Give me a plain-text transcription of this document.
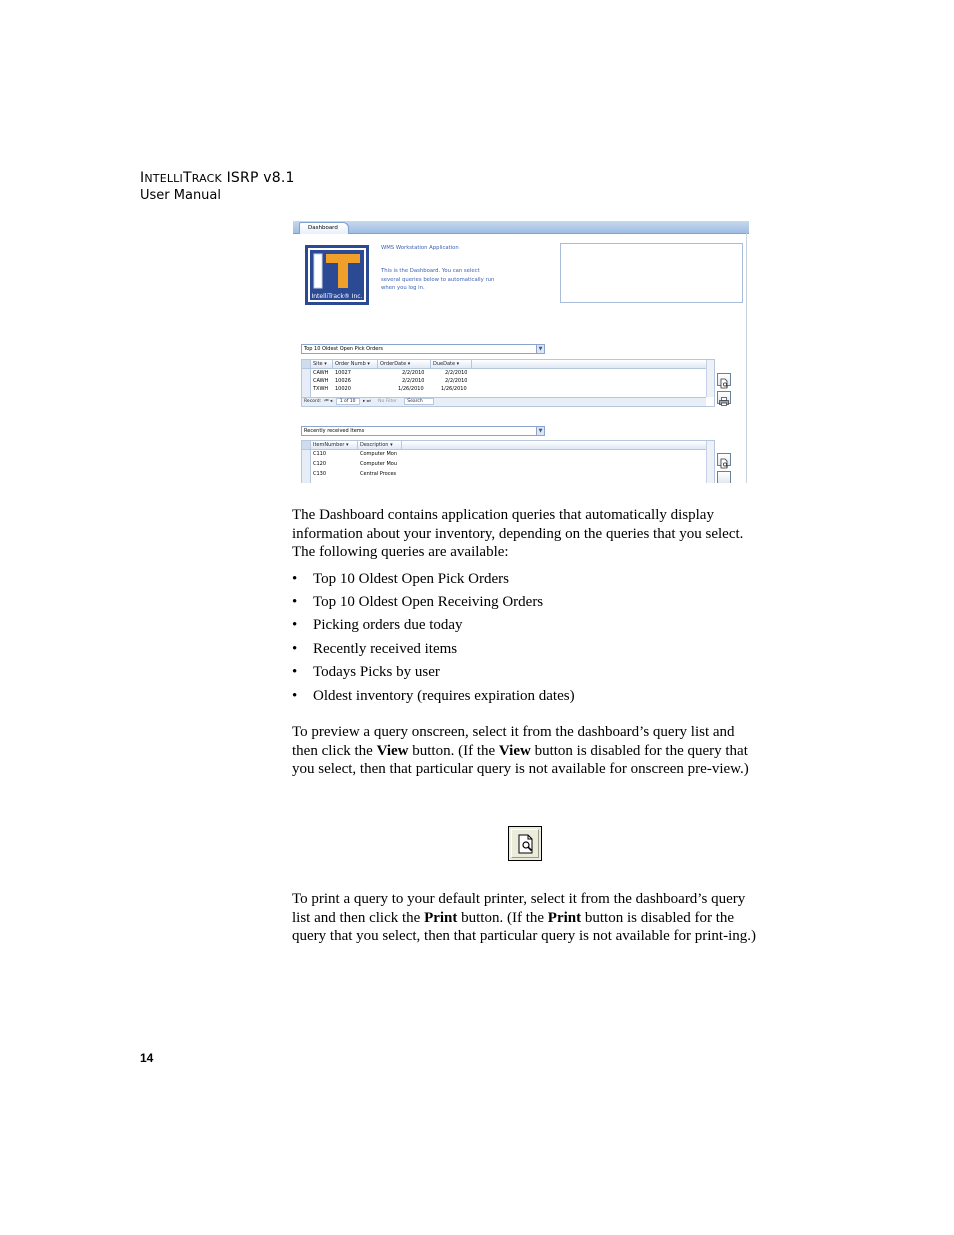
INTELLITRACK ISRP v8.1
User Manual
Dashboard
IntelliTrack® Inc.
WMS Workstation Application
This is the Dashboard. You can select
several queries below to automatically run
when you log in.
Top 10 Oldest Open Pick Orders	▼
Site ▾	Order Numb ▾	OrderDate ▾	DueDate ▾
CAWH 10027	2/2/2010	2/2/2010
CAWH 10026	2/2/2010	2/2/2010
TXWH 10020	1/26/2010	1/26/2010
Record: ⏮ ◂ 1 of 10 ▸ ⏭ No Filter Search
Recently received Items	▼
ItemNumber ▾	Description ▾
C110	Computer Mon
C120	Computer Mou
C130	Central Proces
The Dashboard contains application queries that automatically display information about your inventory, depending on the queries that you select. The following queries are available:
• Top 10 Oldest Open Pick Orders
• Top 10 Oldest Open Receiving Orders
• Picking orders due today
• Recently received items
• Todays Picks by user
• Oldest inventory (requires expiration dates)
To preview a query onscreen, select it from the dashboard’s query list and then click the View button. (If the View button is disabled for the query that you select, then that particular query is not available for onscreen pre-view.)
To print a query to your default printer, select it from the dashboard’s query list and then click the Print button. (If the Print button is disabled for the query that you select, then that particular query is not available for print-ing.)
14
